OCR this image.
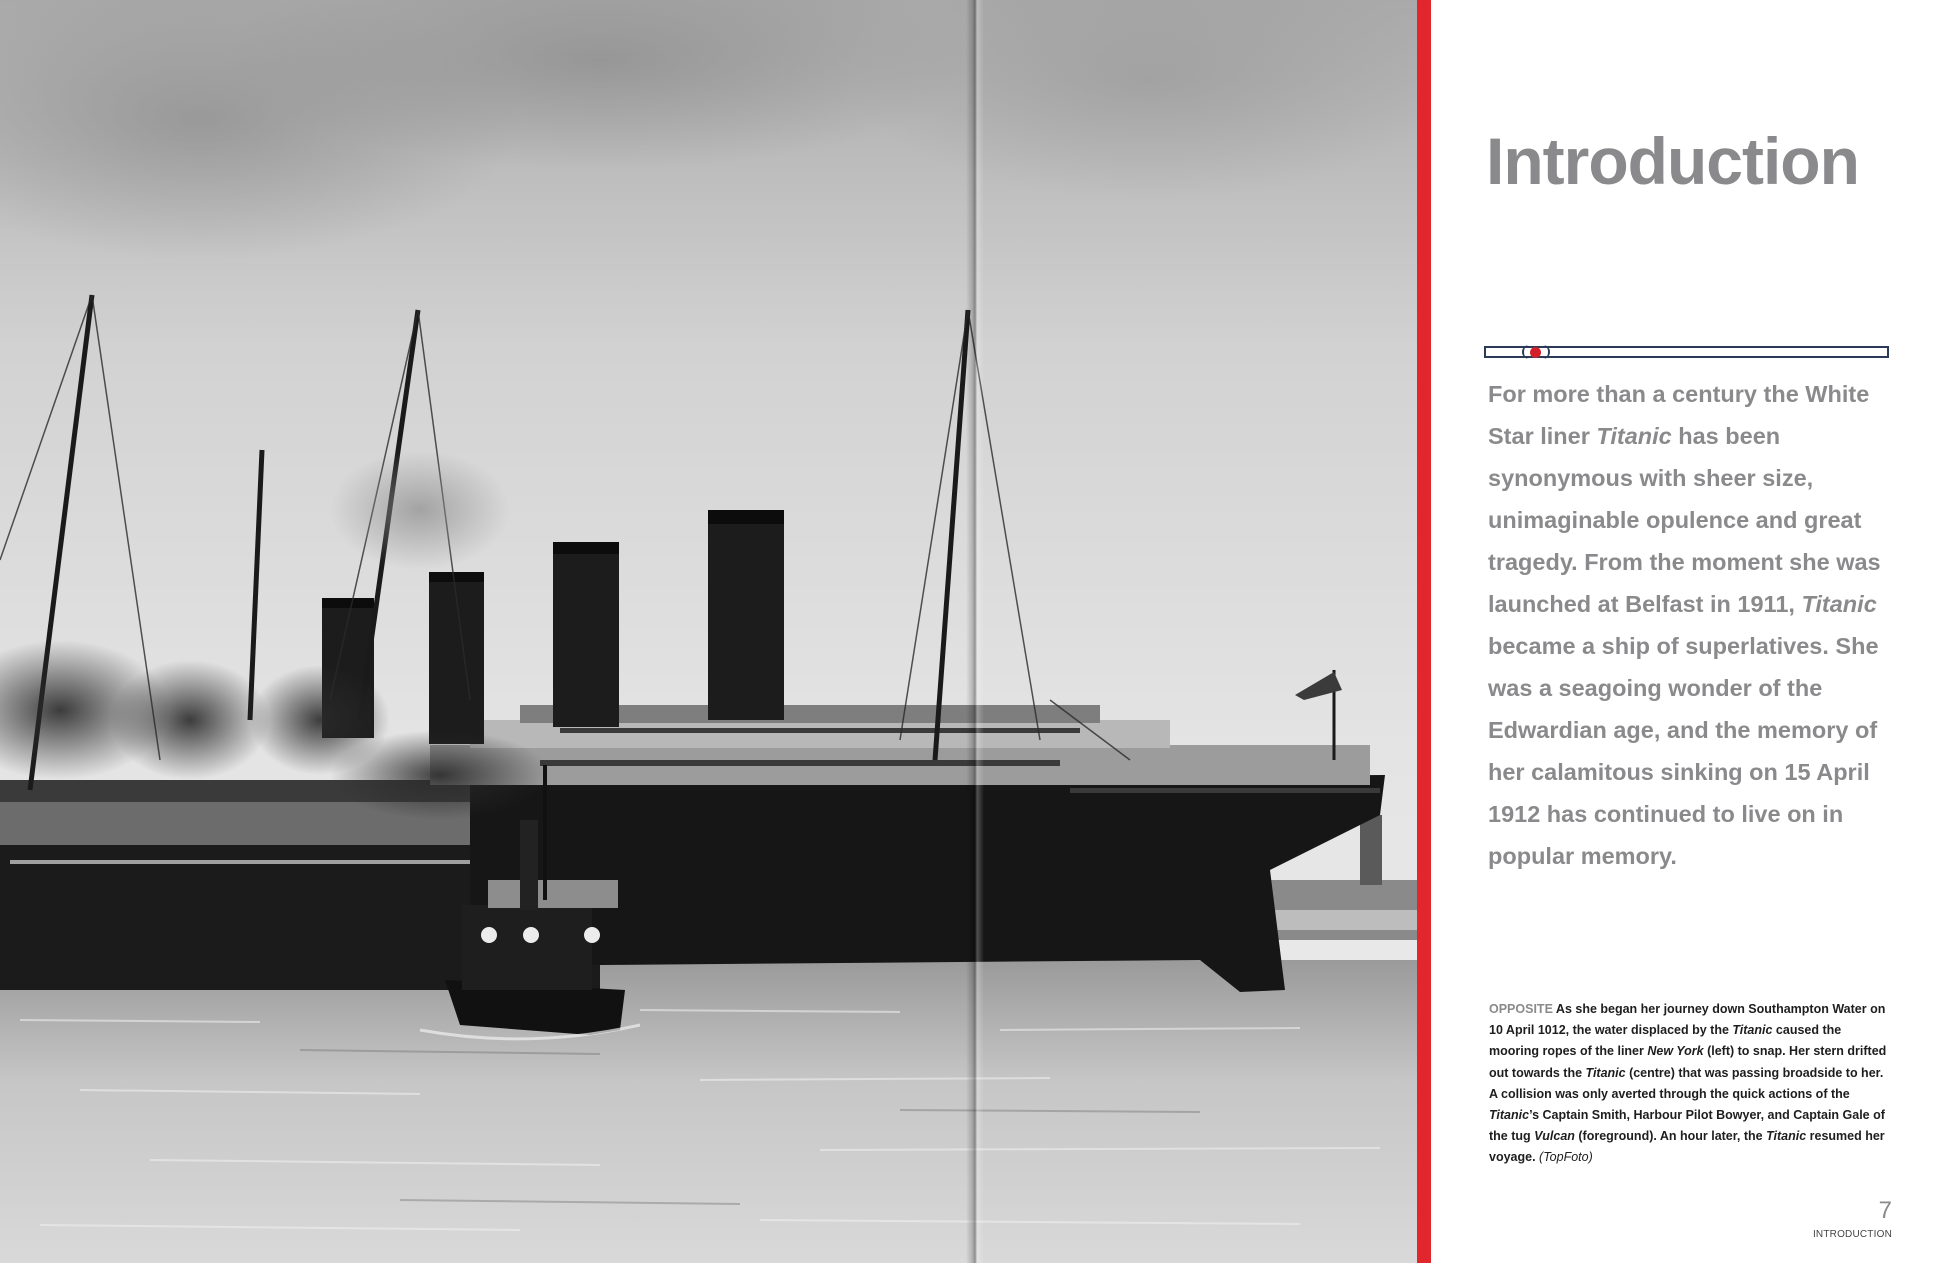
Introduction

For more than a century the White Star liner Titanic has been synonymous with sheer size, unimaginable opulence and great tragedy. From the moment she was launched at Belfast in 1911, Titanic became a ship of superlatives. She was a seagoing wonder of the Edwardian age, and the memory of her calamitous sinking on 15 April 1912 has continued to live on in popular memory.

OPPOSITE As she began her journey down Southampton Water on 10 April 1012, the water displaced by the Titanic caused the mooring ropes of the liner New York (left) to snap. Her stern drifted out towards the Titanic (centre) that was passing broadside to her. A collision was only averted through the quick actions of the Titanic’s Captain Smith, Harbour Pilot Bowyer, and Captain Gale of the tug Vulcan (foreground). An hour later, the Titanic resumed her voyage. (TopFoto)

7
INTRODUCTION
